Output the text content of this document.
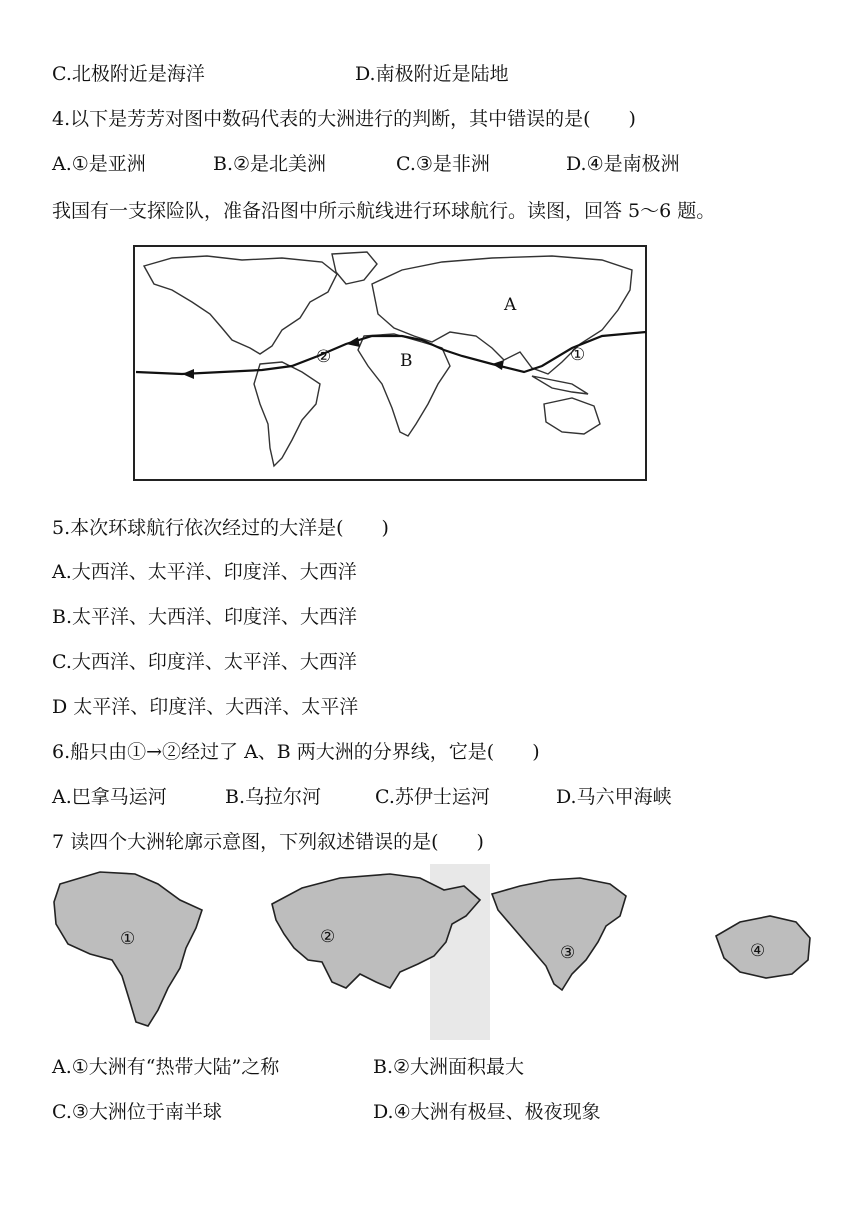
C.北极附近是海洋	D.南极附近是陆地
4.以下是芳芳对图中数码代表的大洲进行的判断，其中错误的是(　　)
A.①是亚洲	B.②是北美洲	C.③是非洲	D.④是南极洲
我国有一支探险队，准备沿图中所示航线进行环球航行。读图，回答 5～6 题。
A
B	①
②
5.本次环球航行依次经过的大洋是(　　)
A.大西洋、太平洋、印度洋、大西洋
B.太平洋、大西洋、印度洋、大西洋
C.大西洋、印度洋、太平洋、大西洋
D 太平洋、印度洋、大西洋、太平洋
6.船只由①→②经过了 A、B 两大洲的分界线，它是(　　)
A.巴拿马运河	B.乌拉尔河	C.苏伊士运河	D.马六甲海峡
7 读四个大洲轮廓示意图，下列叙述错误的是(　　)
①	②
③	④
A.①大洲有“热带大陆”之称	B.②大洲面积最大
C.③大洲位于南半球	D.④大洲有极昼、极夜现象
